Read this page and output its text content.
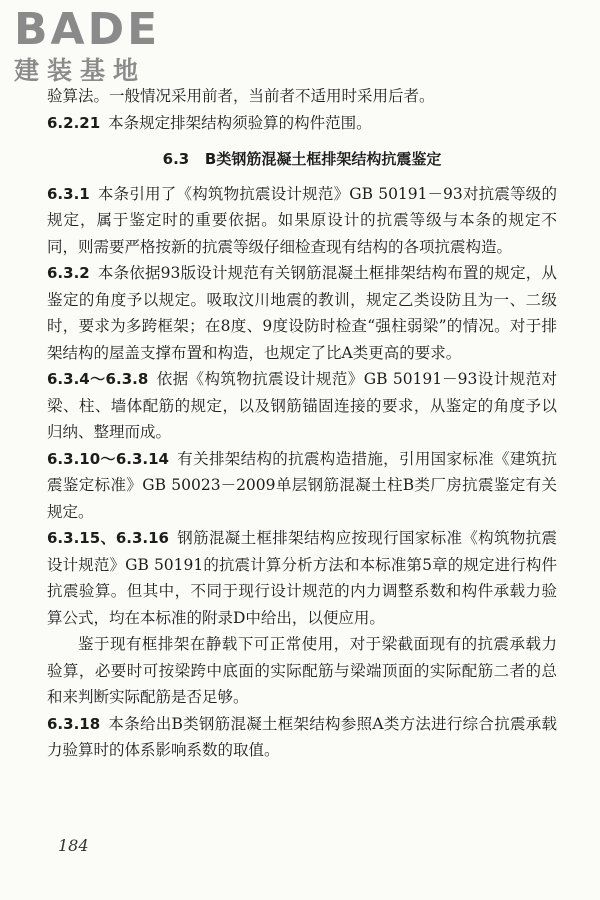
BADE
建装基地

验算法。一般情况采用前者，当前者不适用时采用后者。

6.2.21 本条规定排架结构须验算的构件范围。

6.3 B类钢筋混凝土框排架结构抗震鉴定

6.3.1 本条引用了《构筑物抗震设计规范》GB 50191－93对抗震等级的规定，属于鉴定时的重要依据。如果原设计的抗震等级与本条的规定不同，则需要严格按新的抗震等级仔细检查现有结构的各项抗震构造。

6.3.2 本条依据93版设计规范有关钢筋混凝土框排架结构布置的规定，从鉴定的角度予以规定。吸取汶川地震的教训，规定乙类设防且为一、二级时，要求为多跨框架；在8度、9度设防时检查“强柱弱梁”的情况。对于排架结构的屋盖支撑布置和构造，也规定了比A类更高的要求。

6.3.4～6.3.8 依据《构筑物抗震设计规范》GB 50191－93设计规范对梁、柱、墙体配筋的规定，以及钢筋锚固连接的要求，从鉴定的角度予以归纳、整理而成。

6.3.10～6.3.14 有关排架结构的抗震构造措施，引用国家标准《建筑抗震鉴定标准》GB 50023－2009单层钢筋混凝土柱B类厂房抗震鉴定有关规定。

6.3.15、6.3.16 钢筋混凝土框排架结构应按现行国家标准《构筑物抗震设计规范》GB 50191的抗震计算分析方法和本标准第5章的规定进行构件抗震验算。但其中，不同于现行设计规范的内力调整系数和构件承载力验算公式，均在本标准的附录D中给出，以便应用。

鉴于现有框排架在静载下可正常使用，对于梁截面现有的抗震承载力验算，必要时可按梁跨中底面的实际配筋与梁端顶面的实际配筋二者的总和来判断实际配筋是否足够。

6.3.18 本条给出B类钢筋混凝土框架结构参照A类方法进行综合抗震承载力验算时的体系影响系数的取值。

184
